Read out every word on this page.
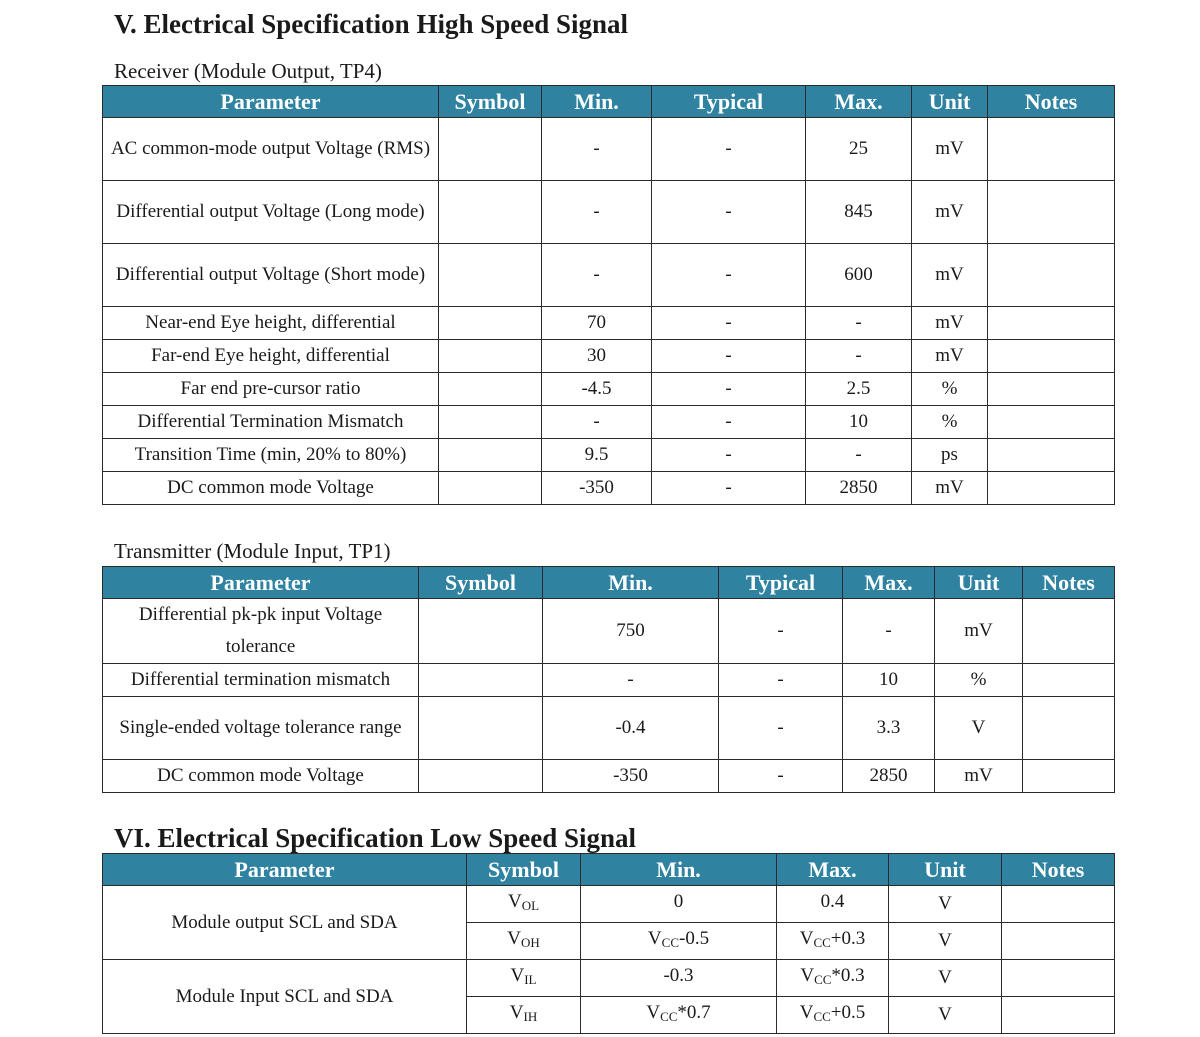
V. Electrical Specification High Speed Signal
Receiver (Module Output, TP4)
Parameter	Symbol	Min.	Typical	Max.	Unit	Notes
AC common-mode output Voltage (RMS)		-	-	25	mV	
Differential output Voltage (Long mode)		-	-	845	mV	
Differential output Voltage (Short mode)		-	-	600	mV	
Near-end Eye height, differential		70	-	-	mV	
Far-end Eye height, differential		30	-	-	mV	
Far end pre-cursor ratio		-4.5	-	2.5	%	
Differential Termination Mismatch		-	-	10	%	
Transition Time (min, 20% to 80%)		9.5	-	-	ps	
DC common mode Voltage		-350	-	2850	mV	
Transmitter (Module Input, TP1)
Parameter	Symbol	Min.	Typical	Max.	Unit	Notes
Differential pk-pk input Voltage tolerance		750	-	-	mV	
Differential termination mismatch		-	-	10	%	
Single-ended voltage tolerance range		-0.4	-	3.3	V	
DC common mode Voltage		-350	-	2850	mV	
VI. Electrical Specification Low Speed Signal
Parameter	Symbol	Min.	Max.	Unit	Notes
Module output SCL and SDA	$V_{OL}$	0	0.4	V	
	$V_{OH}$	$V_{CC}-0.5$	$V_{CC}+0.3$	V	
Module Input SCL and SDA	$V_{IL}$	-0.3	$V_{CC}*0.3$	V	
	$V_{IH}$	$V_{CC}*0.7$	$V_{CC}+0.5$	V	
